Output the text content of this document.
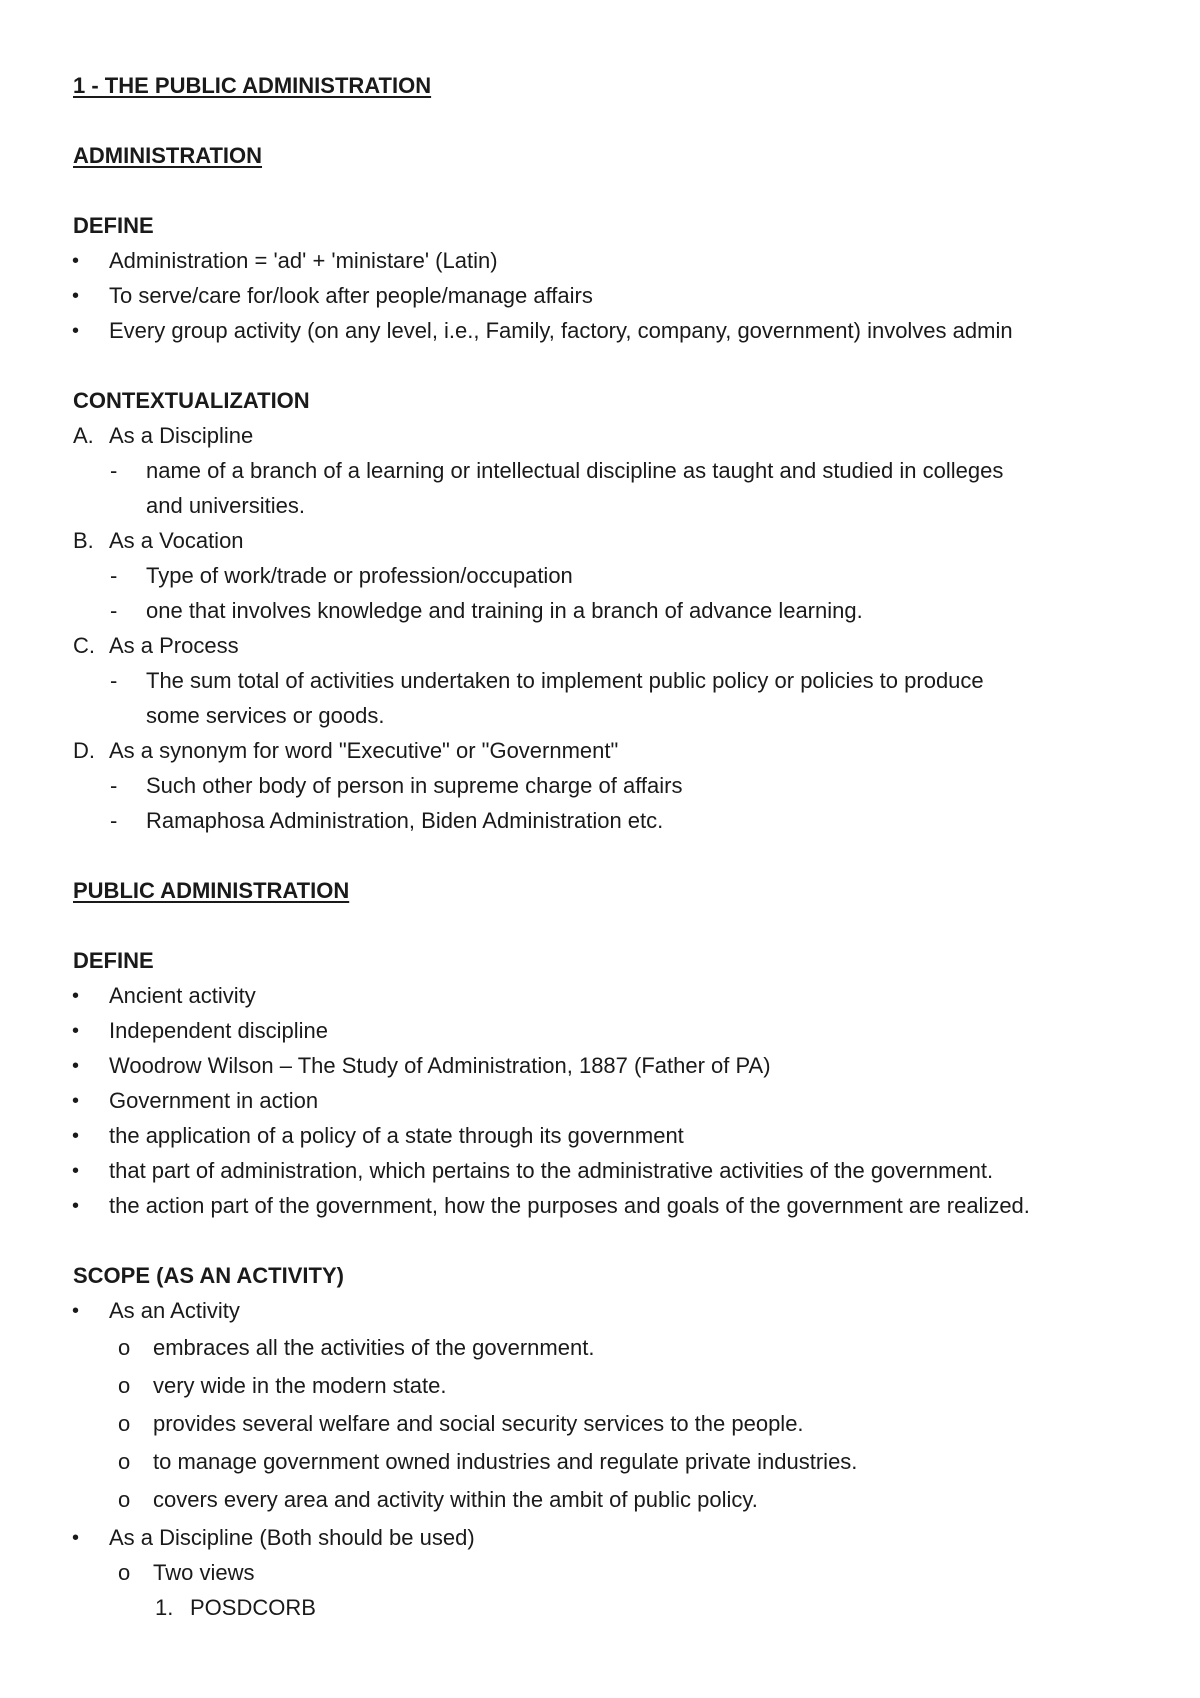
1 - THE PUBLIC ADMINISTRATION
ADMINISTRATION
DEFINE
• Administration = 'ad' + 'ministare' (Latin)
• To serve/care for/look after people/manage affairs
• Every group activity (on any level, i.e., Family, factory, company, government) involves admin
CONTEXTUALIZATION
A. As a Discipline
- name of a branch of a learning or intellectual discipline as taught and studied in colleges
and universities.
B. As a Vocation
- Type of work/trade or profession/occupation
- one that involves knowledge and training in a branch of advance learning.
C. As a Process
- The sum total of activities undertaken to implement public policy or policies to produce
some services or goods.
D. As a synonym for word "Executive" or "Government"
- Such other body of person in supreme charge of affairs
- Ramaphosa Administration, Biden Administration etc.
PUBLIC ADMINISTRATION
DEFINE
• Ancient activity
• Independent discipline
• Woodrow Wilson – The Study of Administration, 1887 (Father of PA)
• Government in action
• the application of a policy of a state through its government
• that part of administration, which pertains to the administrative activities of the government.
• the action part of the government, how the purposes and goals of the government are realized.
SCOPE (AS AN ACTIVITY)
• As an Activity
o embraces all the activities of the government.
o very wide in the modern state.
o provides several welfare and social security services to the people.
o to manage government owned industries and regulate private industries.
o covers every area and activity within the ambit of public policy.
• As a Discipline (Both should be used)
o Two views
1. POSDCORB
